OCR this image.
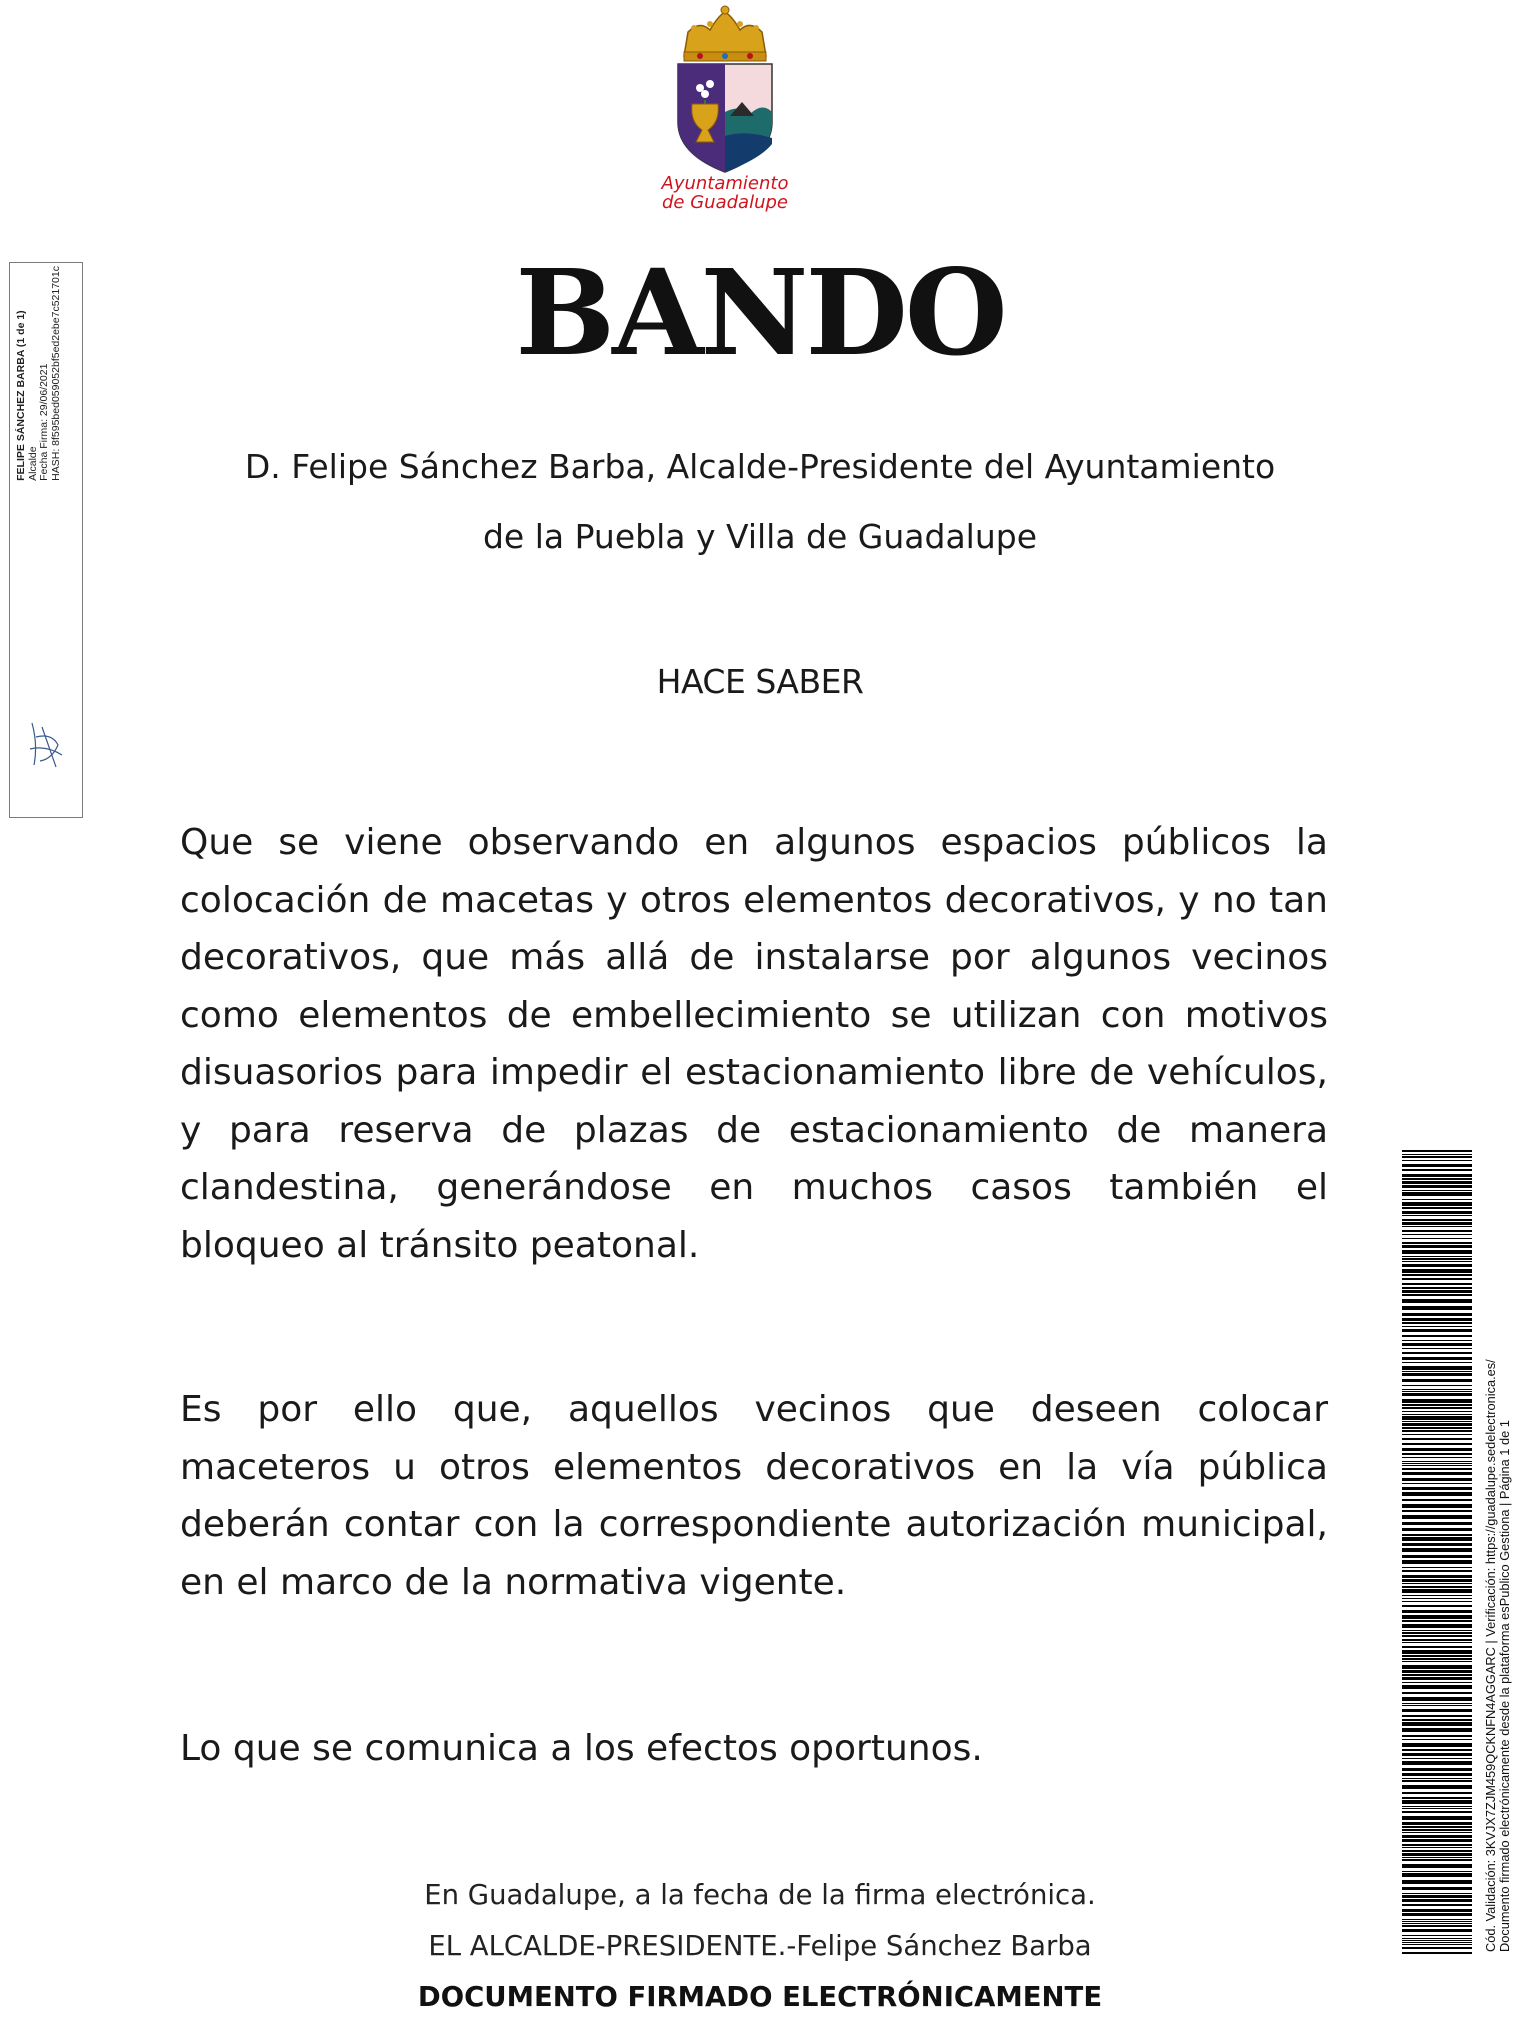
Ayuntamiento
de Guadalupe
FELIPE SÁNCHEZ BARBA (1 de 1) Alcalde Fecha Firma: 29/06/2021 HASH: 8f595bed059052bf5ed2ebe7c521701c	BANDO
D. Felipe Sánchez Barba, Alcalde-Presidente del Ayuntamiento
de la Puebla y Villa de Guadalupe
HACE SABER
Que se viene observando en algunos espacios públicos la
colocación de macetas y otros elementos decorativos, y no tan
decorativos, que más allá de instalarse por algunos vecinos
como elementos de embellecimiento se utilizan con motivos
disuasorios para impedir el estacionamiento libre de vehículos,
y para reserva de plazas de estacionamiento de manera
clandestina, generándose en muchos casos también el
bloqueo al tránsito peatonal.
Es por ello que, aquellos vecinos que deseen colocar
maceteros u otros elementos decorativos en la vía pública
deberán contar con la correspondiente autorización municipal,
en el marco de la normativa vigente.
Lo que se comunica a los efectos oportunos.
En Guadalupe, a la fecha de la firma electrónica.
EL ALCALDE-PRESIDENTE.-Felipe Sánchez Barba
DOCUMENTO FIRMADO ELECTRÓNICAMENTE
Cód. Validación: 3KVJX7ZJM459QCKNFN4AGGARC | Verificación: https://guadalupe.sedelectronica.es/ Documento firmado electrónicamente desde la plataforma esPublico Gestiona | Página 1 de 1
